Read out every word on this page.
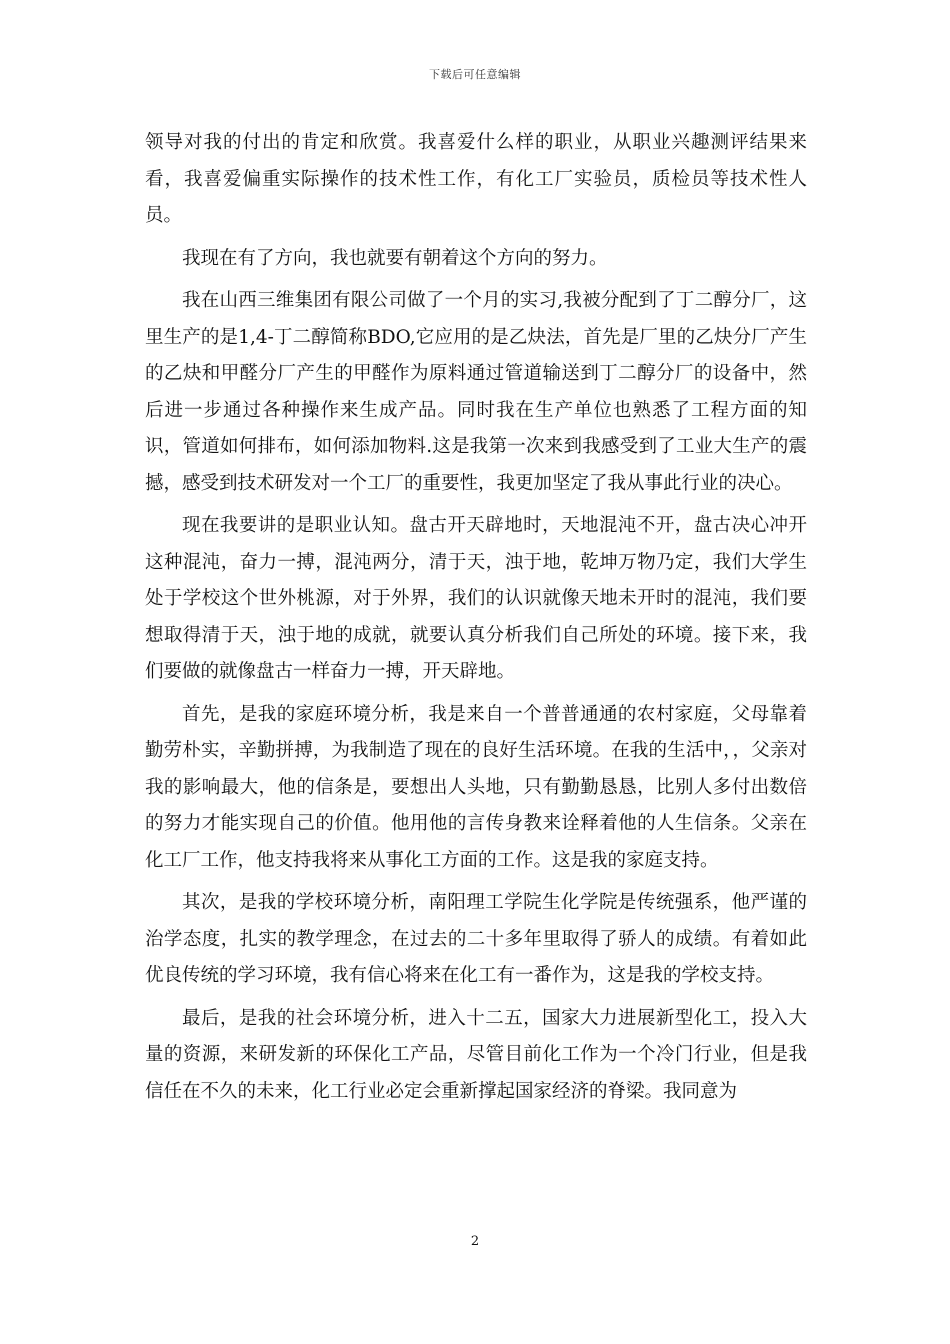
下载后可任意编辑

领导对我的付出的肯定和欣赏。我喜爱什么样的职业，从职业兴趣测评结果来看，我喜爱偏重实际操作的技术性工作，有化工厂实验员，质检员等技术性人员。

我现在有了方向，我也就要有朝着这个方向的努力。

我在山西三维集团有限公司做了一个月的实习,我被分配到了丁二醇分厂，这里生产的是1,4-丁二醇简称BDO,它应用的是乙炔法，首先是厂里的乙炔分厂产生的乙炔和甲醛分厂产生的甲醛作为原料通过管道输送到丁二醇分厂的设备中，然后进一步通过各种操作来生成产品。同时我在生产单位也熟悉了工程方面的知识，管道如何排布，如何添加物料.这是我第一次来到我感受到了工业大生产的震撼，感受到技术研发对一个工厂的重要性，我更加坚定了我从事此行业的决心。

现在我要讲的是职业认知。盘古开天辟地时，天地混沌不开，盘古决心冲开这种混沌，奋力一搏，混沌两分，清于天，浊于地，乾坤万物乃定，我们大学生处于学校这个世外桃源，对于外界，我们的认识就像天地未开时的混沌，我们要想取得清于天，浊于地的成就，就要认真分析我们自己所处的环境。接下来，我们要做的就像盘古一样奋力一搏，开天辟地。

首先，是我的家庭环境分析，我是来自一个普普通通的农村家庭，父母靠着勤劳朴实，辛勤拼搏，为我制造了现在的良好生活环境。在我的生活中，，父亲对我的影响最大，他的信条是，要想出人头地，只有勤勤恳恳，比别人多付出数倍的努力才能实现自己的价值。他用他的言传身教来诠释着他的人生信条。父亲在化工厂工作，他支持我将来从事化工方面的工作。这是我的家庭支持。

其次，是我的学校环境分析，南阳理工学院生化学院是传统强系，他严谨的治学态度，扎实的教学理念，在过去的二十多年里取得了骄人的成绩。有着如此优良传统的学习环境，我有信心将来在化工有一番作为，这是我的学校支持。

最后，是我的社会环境分析，进入十二五，国家大力进展新型化工，投入大量的资源，来研发新的环保化工产品，尽管目前化工作为一个冷门行业，但是我信任在不久的未来，化工行业必定会重新撑起国家经济的脊梁。我同意为

2
